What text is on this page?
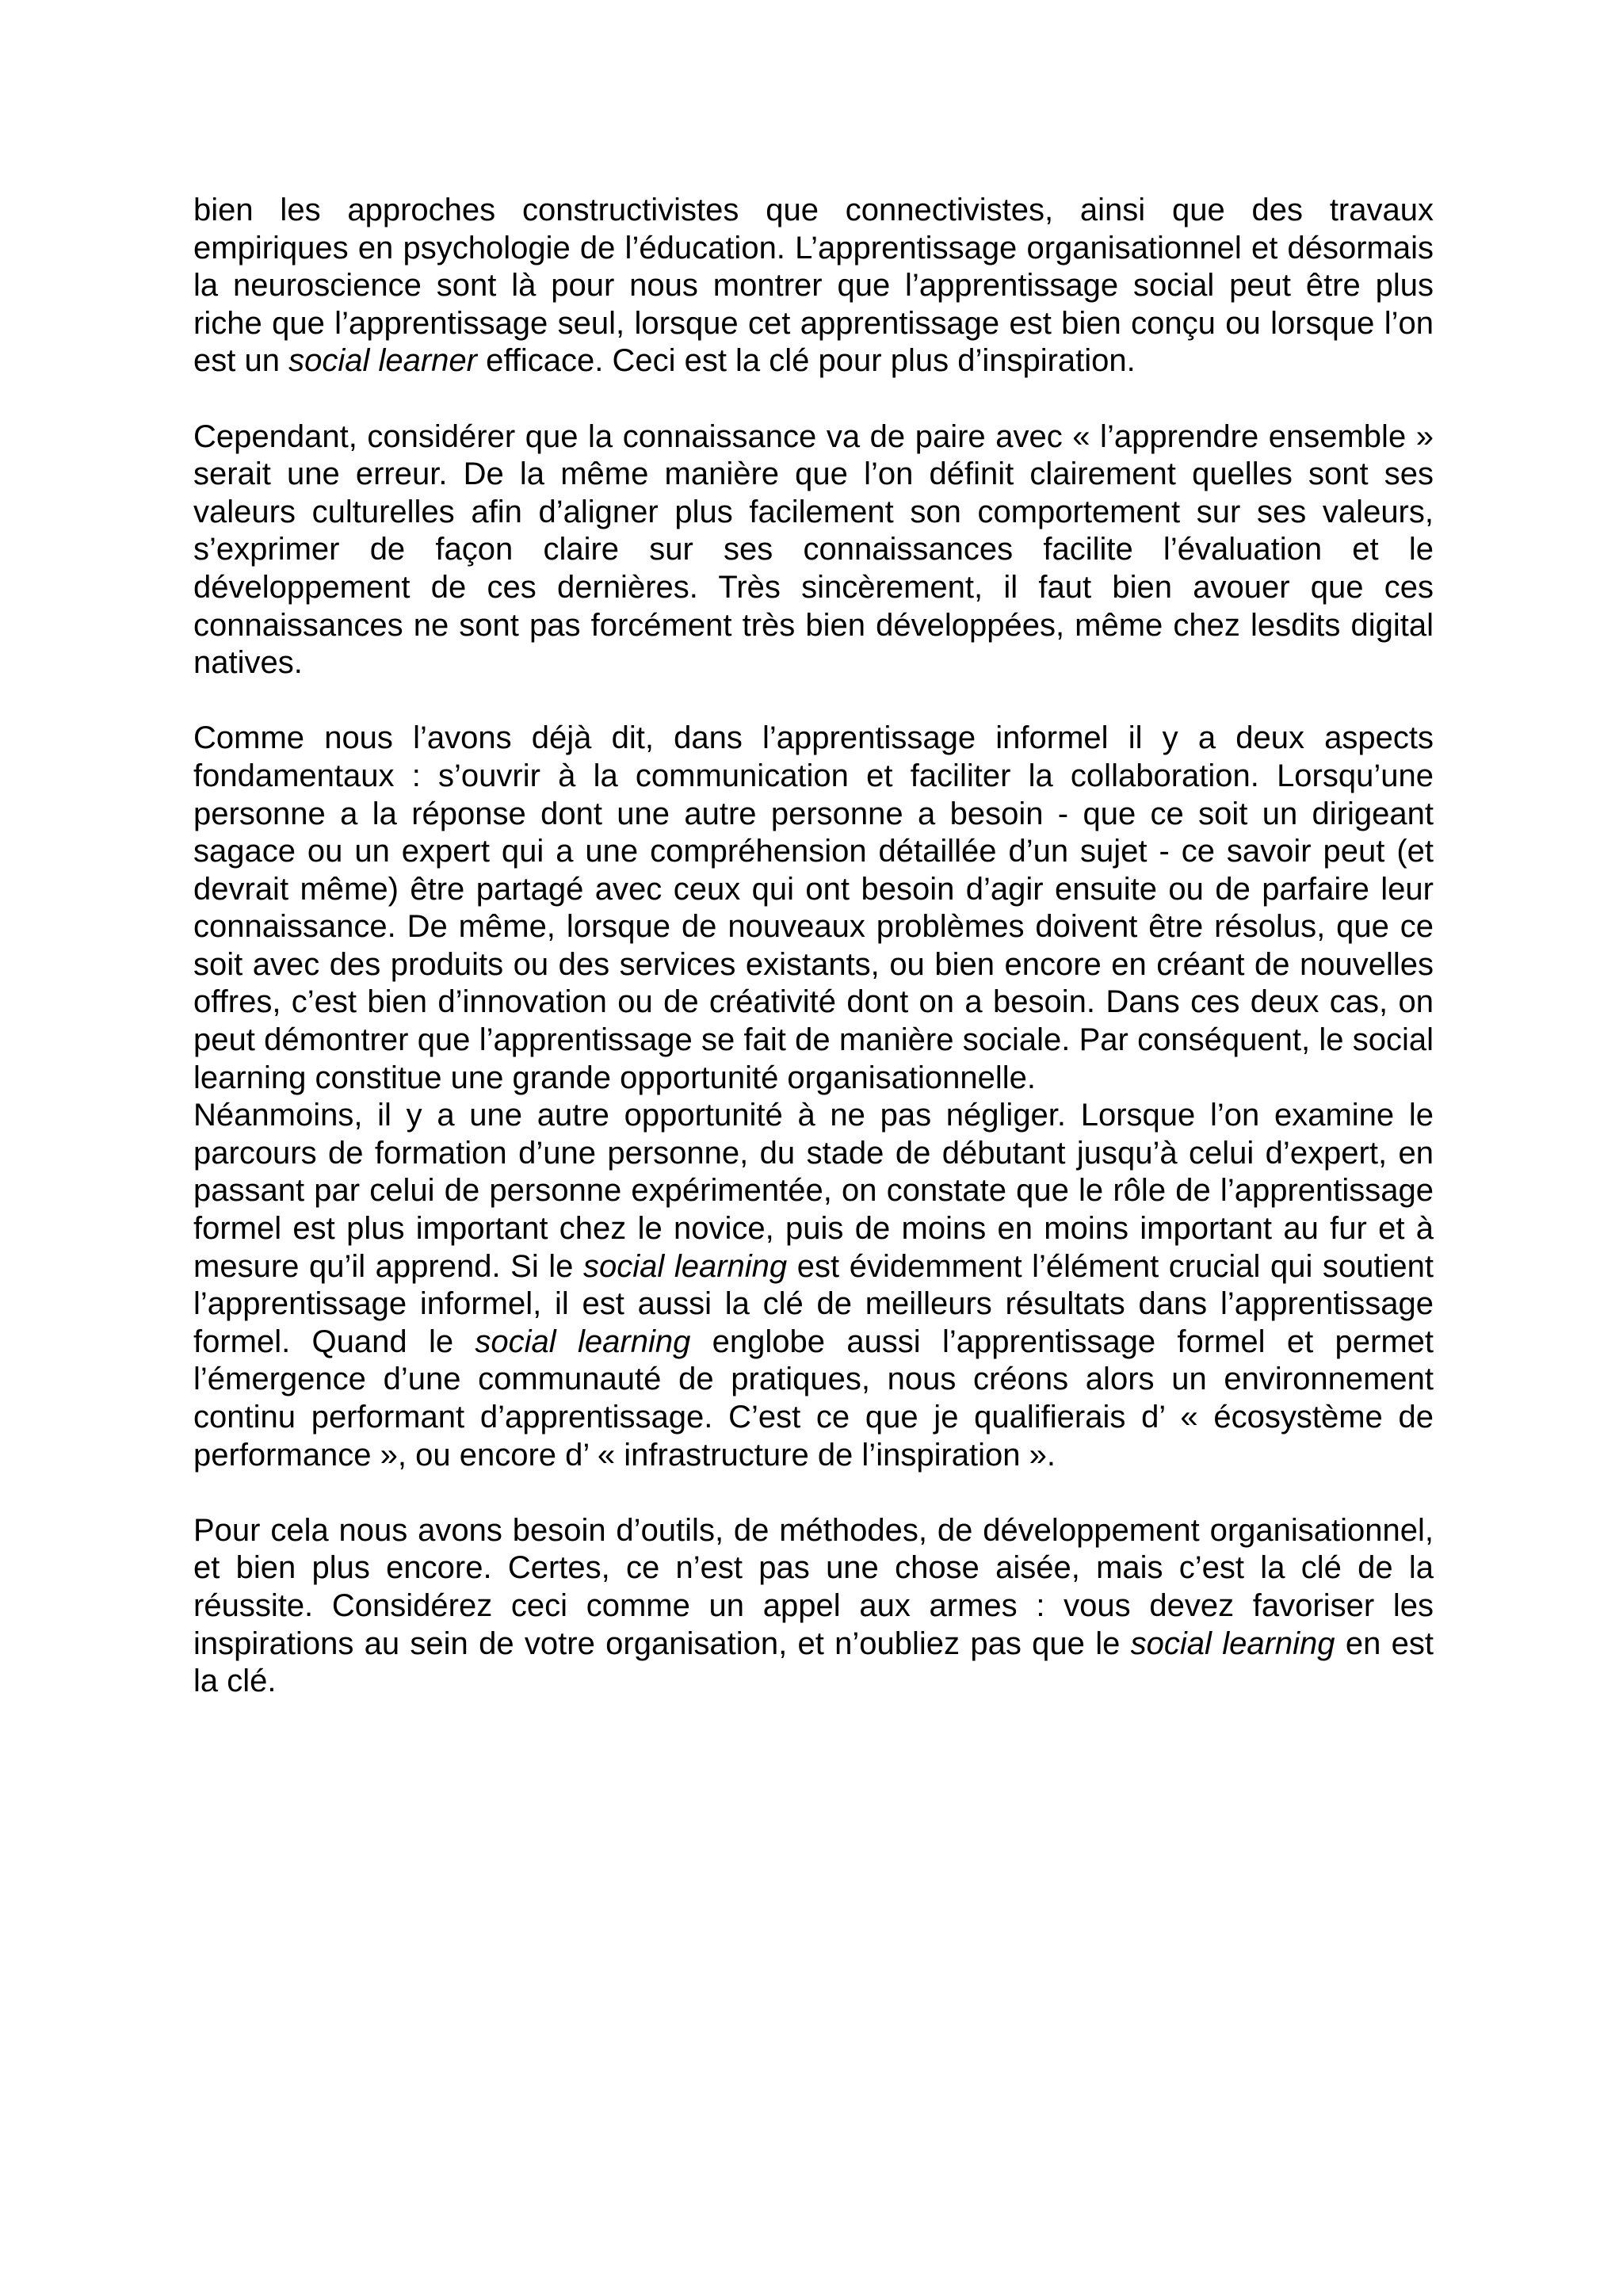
bien les approches constructivistes que connectivistes, ainsi que des travaux empiriques en psychologie de l’éducation. L’apprentissage organisationnel et désormais la neuroscience sont là pour nous montrer que l’apprentissage social peut être plus riche que l’apprentissage seul, lorsque cet apprentissage est bien conçu ou lorsque l’on est un social learner efficace. Ceci est la clé pour plus d’inspiration.

Cependant, considérer que la connaissance va de paire avec « l’apprendre ensemble » serait une erreur. De la même manière que l’on définit clairement quelles sont ses valeurs culturelles afin d’aligner plus facilement son comportement sur ses valeurs, s’exprimer de façon claire sur ses connaissances facilite l’évaluation et le développement de ces dernières. Très sincèrement, il faut bien avouer que ces connaissances ne sont pas forcément très bien développées, même chez lesdits digital natives.

Comme nous l’avons déjà dit, dans l’apprentissage informel il y a deux aspects fondamentaux : s’ouvrir à la communication et faciliter la collaboration. Lorsqu’une personne a la réponse dont une autre personne a besoin - que ce soit un dirigeant sagace ou un expert qui a une compréhension détaillée d’un sujet - ce savoir peut (et devrait même) être partagé avec ceux qui ont besoin d’agir ensuite ou de parfaire leur connaissance. De même, lorsque de nouveaux problèmes doivent être résolus, que ce soit avec des produits ou des services existants, ou bien encore en créant de nouvelles offres, c’est bien d’innovation ou de créativité dont on a besoin. Dans ces deux cas, on peut démontrer que l’apprentissage se fait de manière sociale. Par conséquent, le social learning constitue une grande opportunité organisationnelle.

Néanmoins, il y a une autre opportunité à ne pas négliger. Lorsque l’on examine le parcours de formation d’une personne, du stade de débutant jusqu’à celui d’expert, en passant par celui de personne expérimentée, on constate que le rôle de l’apprentissage formel est plus important chez le novice, puis de moins en moins important au fur et à mesure qu’il apprend. Si le social learning est évidemment l’élément crucial qui soutient l’apprentissage informel, il est aussi la clé de meilleurs résultats dans l’apprentissage formel. Quand le social learning englobe aussi l’apprentissage formel et permet l’émergence d’une communauté de pratiques, nous créons alors un environnement continu performant d’apprentissage. C’est ce que je qualifierais d’ « écosystème de performance », ou encore d’ « infrastructure de l’inspiration ».

Pour cela nous avons besoin d’outils, de méthodes, de développement organisationnel, et bien plus encore. Certes, ce n’est pas une chose aisée, mais c’est la clé de la réussite. Considérez ceci comme un appel aux armes : vous devez favoriser les inspirations au sein de votre organisation, et n’oubliez pas que le social learning en est la clé.
